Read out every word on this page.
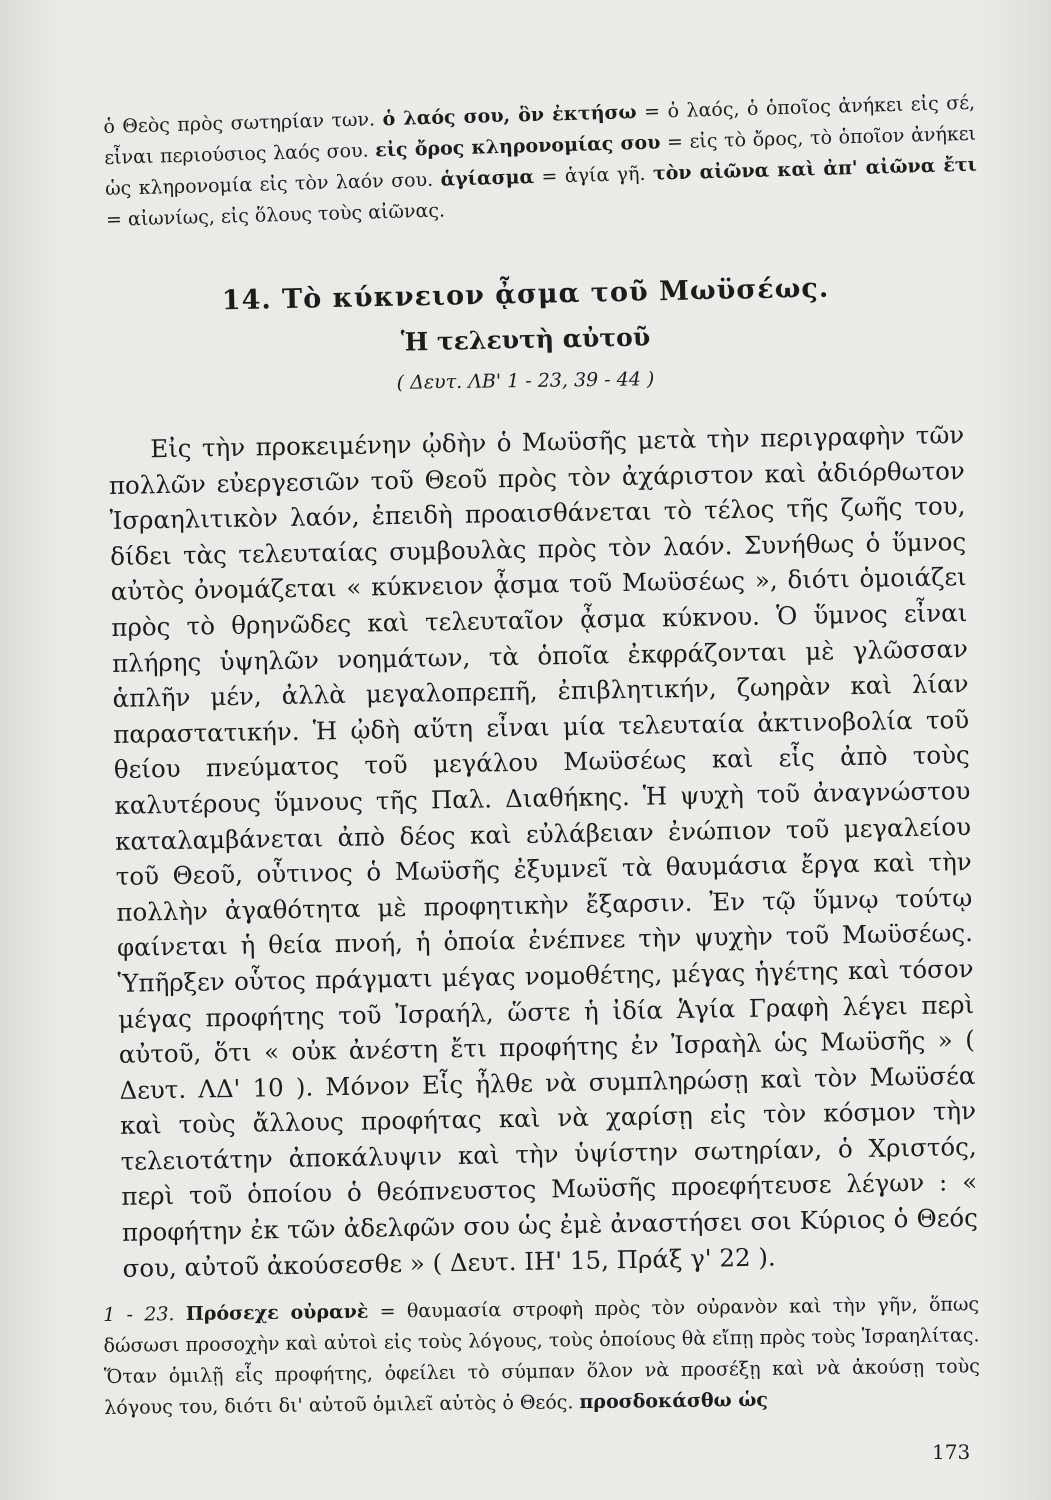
ὁ Θεὸς πρὸς σωτηρίαν των. ὁ λαός σου, ὃν ἐκτήσω = ὁ λαός, ὁ ὁποῖος ἀνήκει εἰς σέ, εἶναι περιούσιος λαός σου. εἰς ὄρος κληρονομίας σου = εἰς τὸ ὄρος, τὸ ὁποῖον ἀνήκει ὡς κληρονομία εἰς τὸν λαόν σου. ἁγίασμα = ἁγία γῆ. τὸν αἰῶνα καὶ ἀπ' αἰῶνα ἔτι = αἰωνίως, εἰς ὅλους τοὺς αἰῶνας.
14. Τὸ κύκνειον ᾆσμα τοῦ Μωϋσέως.
Ἡ τελευτὴ αὐτοῦ
( Δευτ. ΛΒ' 1 - 23, 39 - 44 )
Εἰς τὴν προκειμένην ᾠδὴν ὁ Μωϋσῆς μετὰ τὴν περιγραφὴν τῶν πολλῶν εὐεργεσιῶν τοῦ Θεοῦ πρὸς τὸν ἀχάριστον καὶ ἀδιόρθωτον Ἰσραηλιτικὸν λαόν, ἐπειδὴ προαισθάνεται τὸ τέλος τῆς ζωῆς του, δίδει τὰς τελευταίας συμβουλὰς πρὸς τὸν λαόν. Συνήθως ὁ ὕμνος αὐτὸς ὀνομάζεται « κύκνειον ᾆσμα τοῦ Μωϋσέως », διότι ὁμοιάζει πρὸς τὸ θρηνῶδες καὶ τελευταῖον ᾆσμα κύκνου. Ὁ ὕμνος εἶναι πλήρης ὑψηλῶν νοημάτων, τὰ ὁποῖα ἐκφράζονται μὲ γλῶσσαν ἁπλῆν μέν, ἀλλὰ μεγαλοπρεπῆ, ἐπιβλητικήν, ζωηρὰν καὶ λίαν παραστατικήν. Ἡ ᾠδὴ αὕτη εἶναι μία τελευταία ἀκτινοβολία τοῦ θείου πνεύματος τοῦ μεγάλου Μωϋσέως καὶ εἷς ἀπὸ τοὺς καλυτέρους ὕμνους τῆς Παλ. Διαθήκης. Ἡ ψυχὴ τοῦ ἀναγνώστου καταλαμβάνεται ἀπὸ δέος καὶ εὐλάβειαν ἐνώπιον τοῦ μεγαλείου τοῦ Θεοῦ, οὗτινος ὁ Μωϋσῆς ἐξυμνεῖ τὰ θαυμάσια ἔργα καὶ τὴν πολλὴν ἀγαθότητα μὲ προφητικὴν ἔξαρσιν. Ἐν τῷ ὕμνῳ τούτῳ φαίνεται ἡ θεία πνοή, ἡ ὁποία ἐνέπνεε τὴν ψυχὴν τοῦ Μωϋσέως. Ὑπῆρξεν οὗτος πράγματι μέγας νομοθέτης, μέγας ἡγέτης καὶ τόσον μέγας προφήτης τοῦ Ἰσραήλ, ὥστε ἡ ἰδία Ἁγία Γραφὴ λέγει περὶ αὐτοῦ, ὅτι « οὐκ ἀνέστη ἔτι προφήτης ἐν Ἰσραὴλ ὡς Μωϋσῆς » ( Δευτ. ΛΔ' 10 ). Μόνον Εἷς ἦλθε νὰ συμπληρώσῃ καὶ τὸν Μωϋσέα καὶ τοὺς ἄλλους προφήτας καὶ νὰ χαρίσῃ εἰς τὸν κόσμον τὴν τελειοτάτην ἀποκάλυψιν καὶ τὴν ὑψίστην σωτηρίαν, ὁ Χριστός, περὶ τοῦ ὁποίου ὁ θεόπνευστος Μωϋσῆς προεφήτευσε λέγων : « προφήτην ἐκ τῶν ἀδελφῶν σου ὡς ἐμὲ ἀναστήσει σοι Κύριος ὁ Θεός σου, αὐτοῦ ἀκούσεσθε » ( Δευτ. ΙΗ' 15, Πράξ γ' 22 ).
1 - 23. Πρόσεχε οὐρανὲ = θαυμασία στροφὴ πρὸς τὸν οὐρανὸν καὶ τὴν γῆν, ὅπως δώσωσι προσοχὴν καὶ αὐτοὶ εἰς τοὺς λόγους, τοὺς ὁποίους θὰ εἴπῃ πρὸς τοὺς Ἰσραηλίτας. Ὅταν ὁμιλῇ εἷς προφήτης, ὀφείλει τὸ σύμπαν ὅλον νὰ προσέξῃ καὶ νὰ ἀκούσῃ τοὺς λόγους του, διότι δι' αὐτοῦ ὁμιλεῖ αὐτὸς ὁ Θεός. προσδοκάσθω ὡς
173
